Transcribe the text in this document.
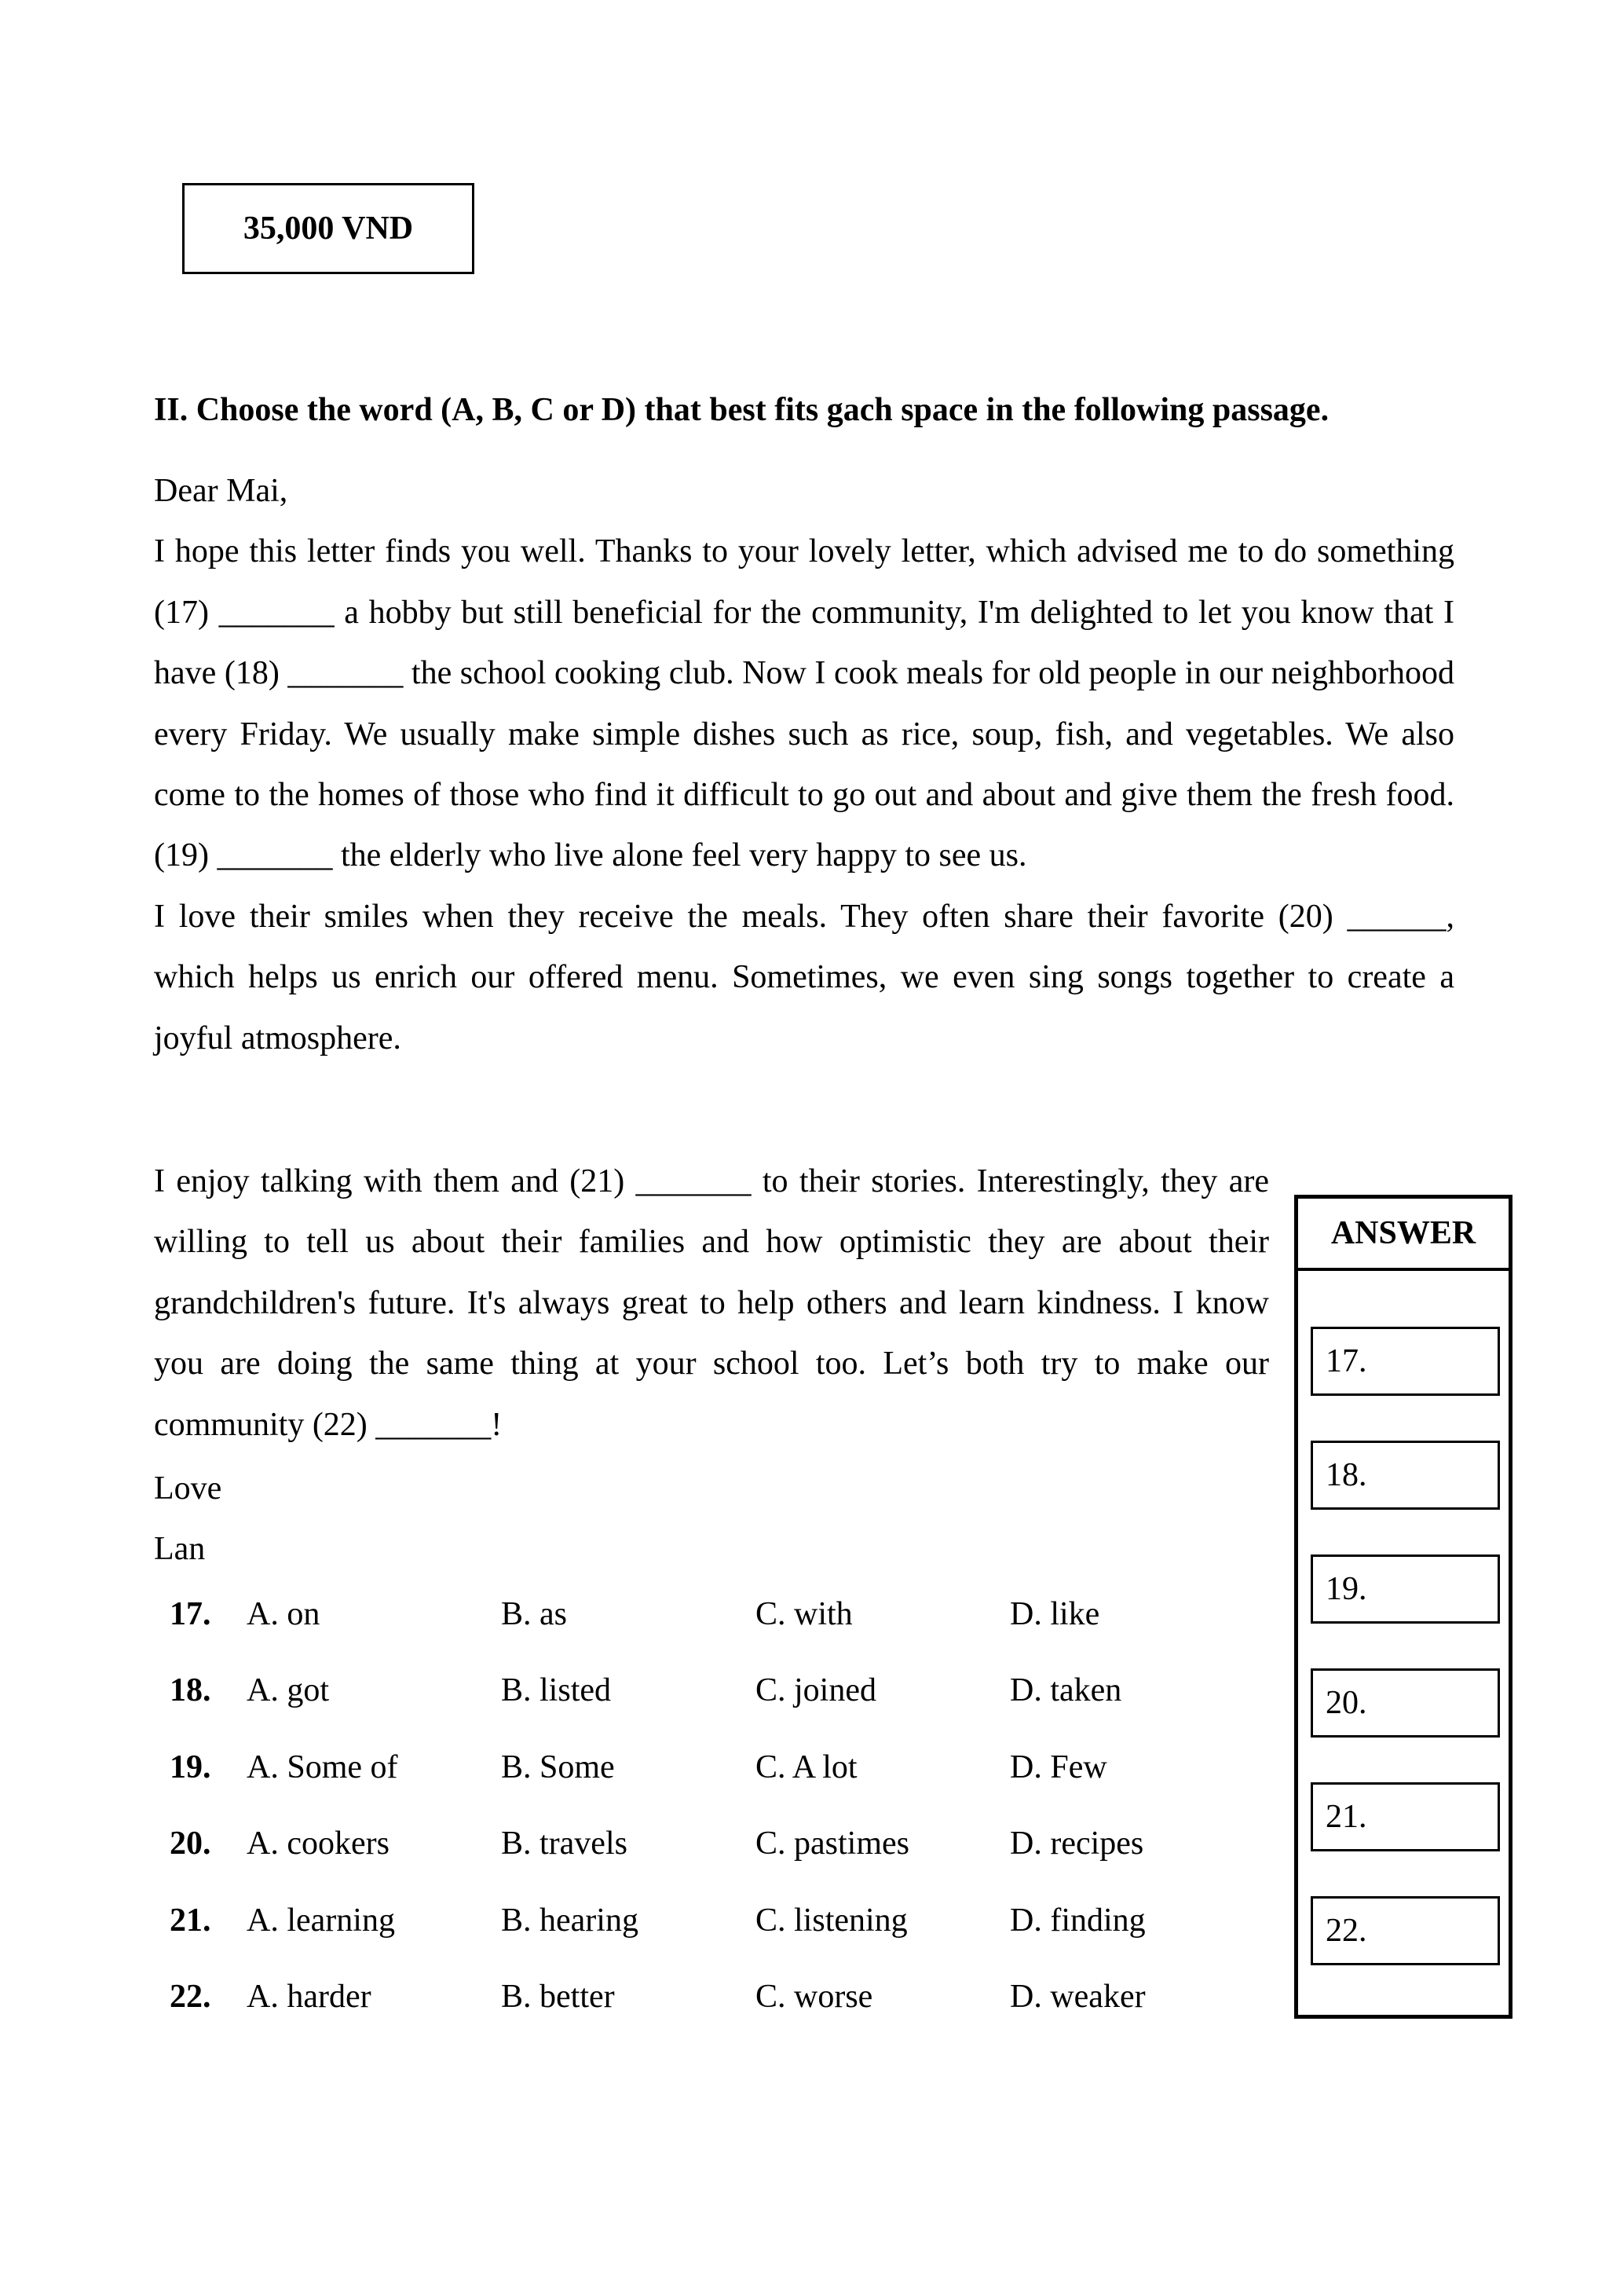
35,000 VND
II. Choose the word (A, B, C or D) that best fits gach space in the following passage.

Dear Mai,

I hope this letter finds you well. Thanks to your lovely letter, which advised me to do something (17) _______ a hobby but still beneficial for the community, I'm delighted to let you know that I have (18) _______ the school cooking club. Now I cook meals for old people in our neighborhood every Friday. We usually make simple dishes such as rice, soup, fish, and vegetables. We also come to the homes of those who find it difficult to go out and about and give them the fresh food. (19) _______ the elderly who live alone feel very happy to see us.

I love their smiles when they receive the meals. They often share their favorite (20) ______, which helps us enrich our offered menu. Sometimes, we even sing songs together to create a joyful atmosphere.

I enjoy talking with them and (21) _______ to their stories. Interestingly, they are willing to tell us about their families and how optimistic they are about their grandchildren's future. It's always great to help others and learn kindness. I know you are doing the same thing at your school too. Let’s both try to make our community (22) _______!

Love
Lan
17. A. on	B. as	C. with	D. like
18. A. got	B. listed	C. joined	D. taken
19. A. Some of	B. Some	C. A lot	D. Few
20. A. cookers	B. travels	C. pastimes	D. recipes
21. A. learning	B. hearing	C. listening	D. finding
22. A. harder	B. better	C. worse	D. weaker
ANSWER
17.
18.
19.
20.
21.
22.
